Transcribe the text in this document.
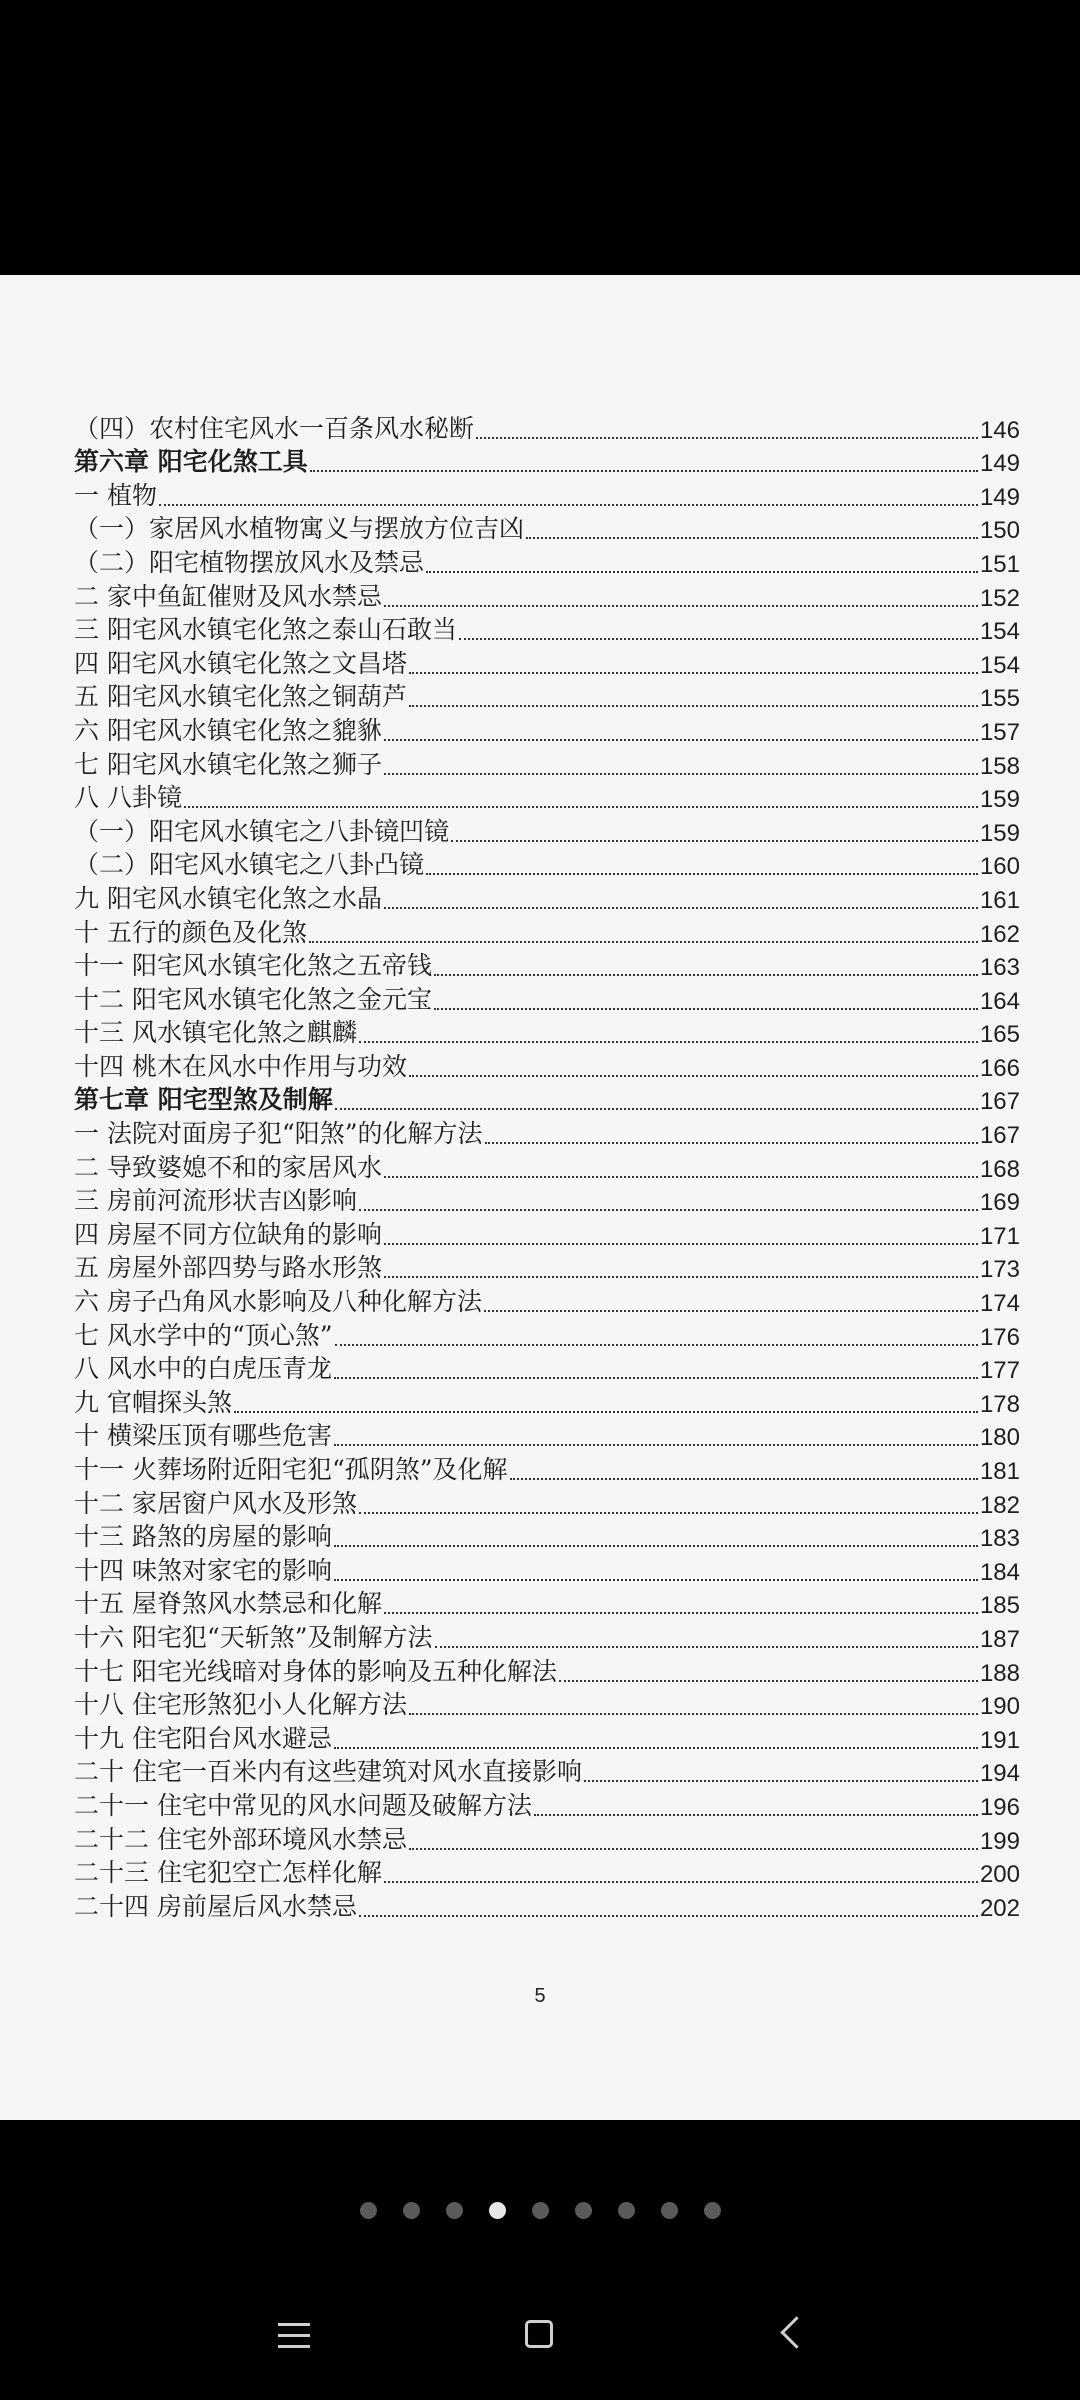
（四）农村住宅风水一百条风水秘断	146
第六章 阳宅化煞工具	149
一 植物	149
（一）家居风水植物寓义与摆放方位吉凶	150
（二）阳宅植物摆放风水及禁忌	151
二 家中鱼缸催财及风水禁忌	152
三 阳宅风水镇宅化煞之泰山石敢当	154
四 阳宅风水镇宅化煞之文昌塔	154
五 阳宅风水镇宅化煞之铜葫芦	155
六 阳宅风水镇宅化煞之貔貅	157
七 阳宅风水镇宅化煞之狮子	158
八 八卦镜	159
（一）阳宅风水镇宅之八卦镜凹镜	159
（二）阳宅风水镇宅之八卦凸镜	160
九 阳宅风水镇宅化煞之水晶	161
十 五行的颜色及化煞	162
十一 阳宅风水镇宅化煞之五帝钱	163
十二 阳宅风水镇宅化煞之金元宝	164
十三 风水镇宅化煞之麒麟	165
十四 桃木在风水中作用与功效	166
第七章 阳宅型煞及制解	167
一 法院对面房子犯“阳煞”的化解方法	167
二 导致婆媳不和的家居风水	168
三 房前河流形状吉凶影响	169
四 房屋不同方位缺角的影响	171
五 房屋外部四势与路水形煞	173
六 房子凸角风水影响及八种化解方法	174
七 风水学中的“顶心煞”	176
八 风水中的白虎压青龙	177
九 官帽探头煞	178
十 横梁压顶有哪些危害	180
十一 火葬场附近阳宅犯“孤阴煞”及化解	181
十二 家居窗户风水及形煞	182
十三 路煞的房屋的影响	183
十四 味煞对家宅的影响	184
十五 屋脊煞风水禁忌和化解	185
十六 阳宅犯“天斩煞”及制解方法	187
十七 阳宅光线暗对身体的影响及五种化解法	188
十八 住宅形煞犯小人化解方法	190
十九 住宅阳台风水避忌	191
二十 住宅一百米内有这些建筑对风水直接影响	194
二十一 住宅中常见的风水问题及破解方法	196
二十二 住宅外部环境风水禁忌	199
二十三 住宅犯空亡怎样化解	200
二十四 房前屋后风水禁忌	202
5
